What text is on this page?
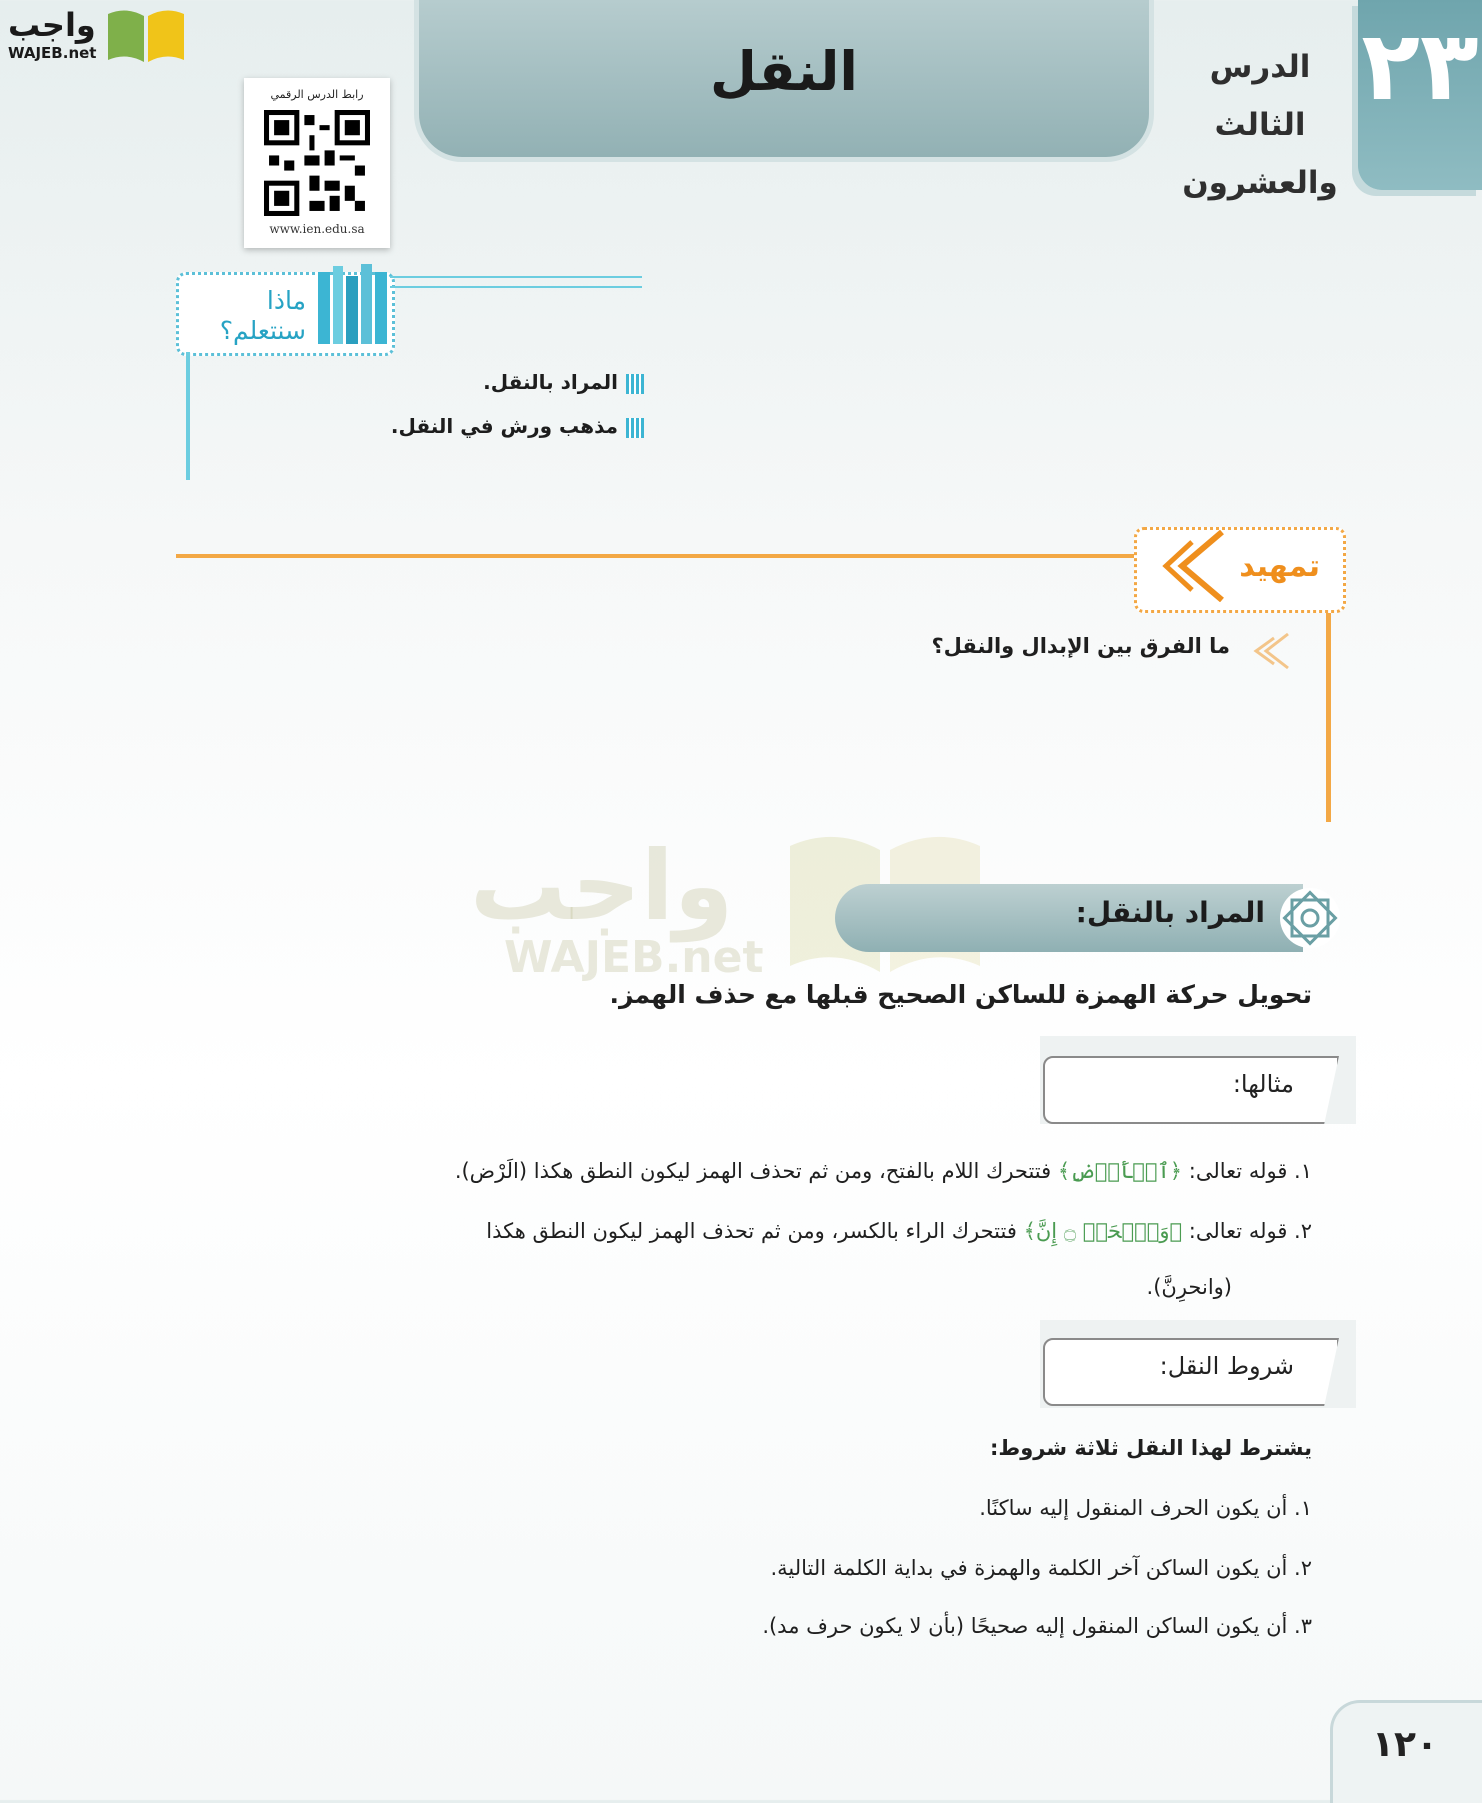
واجب
WAJEB.net	٢٣
الدرس
الثالث
والعشرون
النقل
رابط الدرس الرقمي
www.ien.edu.sa
ماذا
سنتعلم؟
المراد بالنقل.
مذهب ورش في النقل.
تمهيد
ما الفرق بين الإبدال والنقل؟
واجب
WAJEB.net
المراد بالنقل:
تحويل حركة الهمزة للساكن الصحيح قبلها مع حذف الهمز.
مثالها:
١. قوله تعالى: ﴿ٱلۡأَرۡضِ﴾ فتتحرك اللام بالفتح، ومن ثم تحذف الهمز ليكون النطق هكذا (الَرْض).
٢. قوله تعالى: ﴿وَٱنۡحَرۡ ۝ إِنَّ﴾ فتتحرك الراء بالكسر، ومن ثم تحذف الهمز ليكون النطق هكذا
(وانحرِنَّ).
شروط النقل:
يشترط لهذا النقل ثلاثة شروط:
١. أن يكون الحرف المنقول إليه ساكنًا.
٢. أن يكون الساكن آخر الكلمة والهمزة في بداية الكلمة التالية.
٣. أن يكون الساكن المنقول إليه صحيحًا (بأن لا يكون حرف مد).
١٢٠
